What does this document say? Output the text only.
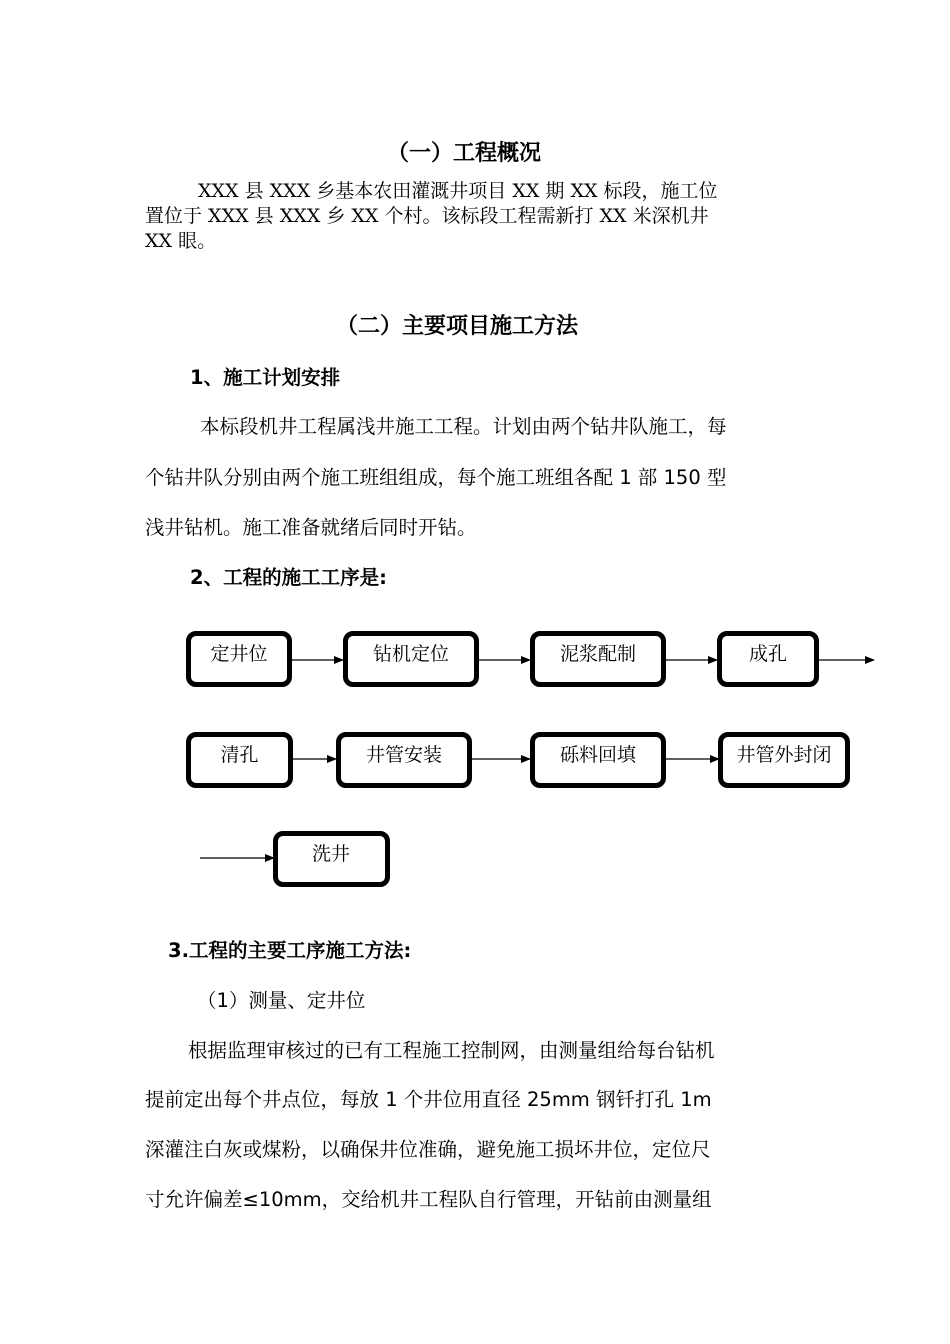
（一）工程概况
XXX 县 XXX 乡基本农田灌溉井项目 XX 期 XX 标段，施工位
置位于 XXX 县 XXX 乡 XX 个村。该标段工程需新打 XX 米深机井
XX 眼。
（二）主要项目施工方法
1、施工计划安排
本标段机井工程属浅井施工工程。计划由两个钻井队施工，每
个钻井队分别由两个施工班组组成，每个施工班组各配 1 部 150 型
浅井钻机。施工准备就绪后同时开钻。
2、工程的施工工序是:
定井位	钻机定位	泥浆配制	成孔
清孔	井管安装	砾料回填	井管外封闭
洗井
3.工程的主要工序施工方法:
（1）测量、定井位
根据监理审核过的已有工程施工控制网，由测量组给每台钻机
提前定出每个井点位，每放 1 个井位用直径 25mm 钢钎打孔 1m
深灌注白灰或煤粉，以确保井位准确，避免施工损坏井位，定位尺
寸允许偏差≤10mm，交给机井工程队自行管理，开钻前由测量组
